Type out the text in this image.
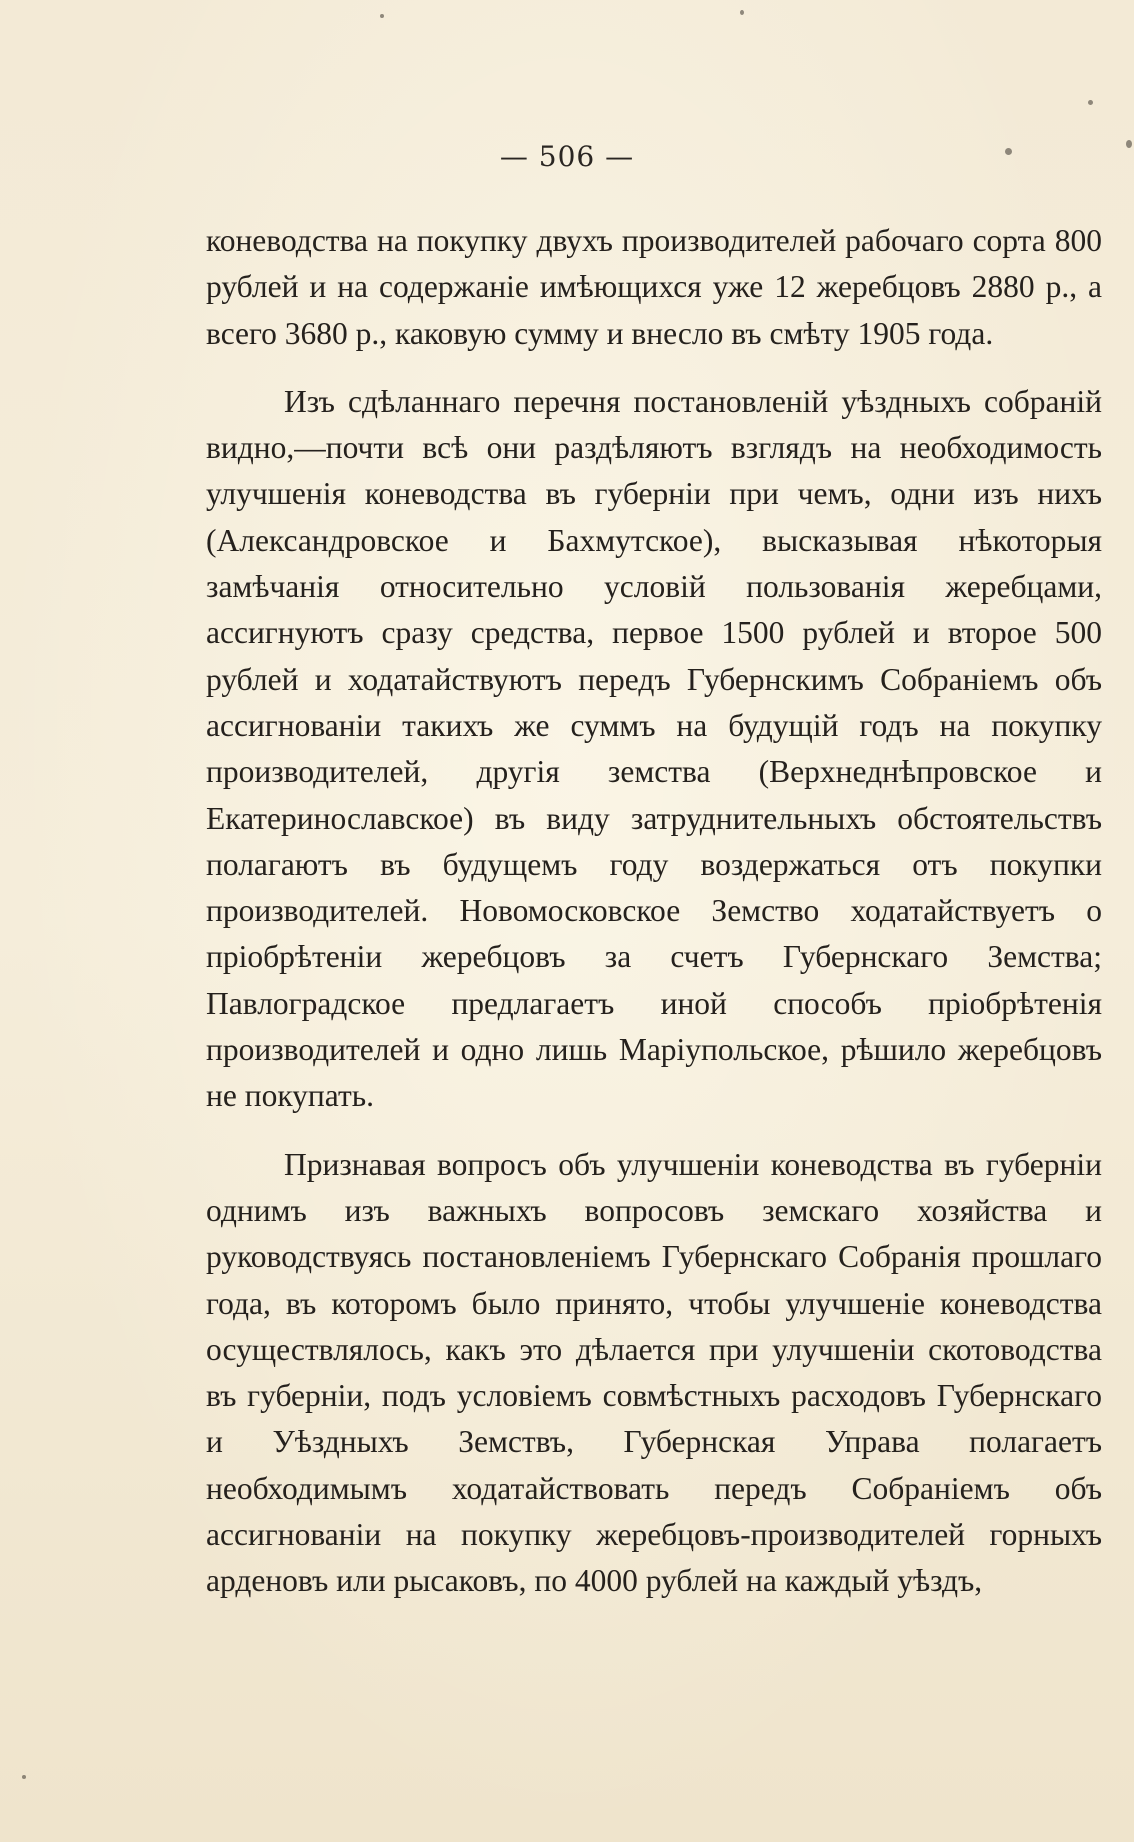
— 506 —

коневодства на покупку двухъ производителей рабочаго сорта 800 рублей и на содержаніе имѣющихся уже 12 жеребцовъ 2880 р., а всего 3680 р., каковую сумму и внесло въ смѣту 1905 года.

Изъ сдѣланнаго перечня постановленій уѣздныхъ собраній видно,—почти всѣ они раздѣляютъ взглядъ на необходимость улучшенія коневодства въ губерніи при чемъ, одни изъ нихъ (Александровское и Бахмутское), высказывая нѣкоторыя замѣчанія относительно условій пользованія жеребцами, ассигнуютъ сразу средства, первое 1500 рублей и второе 500 рублей и ходатайствуютъ передъ Губернскимъ Собраніемъ объ ассигнованіи такихъ же суммъ на будущій годъ на покупку производителей, другія земства (Верхнеднѣпровское и Екатеринославское) въ виду затруднительныхъ обстоятельствъ полагаютъ въ будущемъ году воздержаться отъ покупки производителей. Новомосковское Земство ходатайствуетъ о пріобрѣтеніи жеребцовъ за счетъ Губернскаго Земства; Павлоградское предлагаетъ иной способъ пріобрѣтенія производителей и одно лишь Маріупольское, рѣшило жеребцовъ не покупать.

Признавая вопросъ объ улучшеніи коневодства въ губерніи однимъ изъ важныхъ вопросовъ земскаго хозяйства и руководствуясь постановленіемъ Губернскаго Собранія прошлаго года, въ которомъ было принято, чтобы улучшеніе коневодства осуществлялось, какъ это дѣлается при улучшеніи скотоводства въ губерніи, подъ условіемъ совмѣстныхъ расходовъ Губернскаго и Уѣздныхъ Земствъ, Губернская Управа полагаетъ необходимымъ ходатайствовать передъ Собраніемъ объ ассигнованіи на покупку жеребцовъ-производителей горныхъ арденовъ или рысаковъ, по 4000 рублей на каждый уѣздъ,
